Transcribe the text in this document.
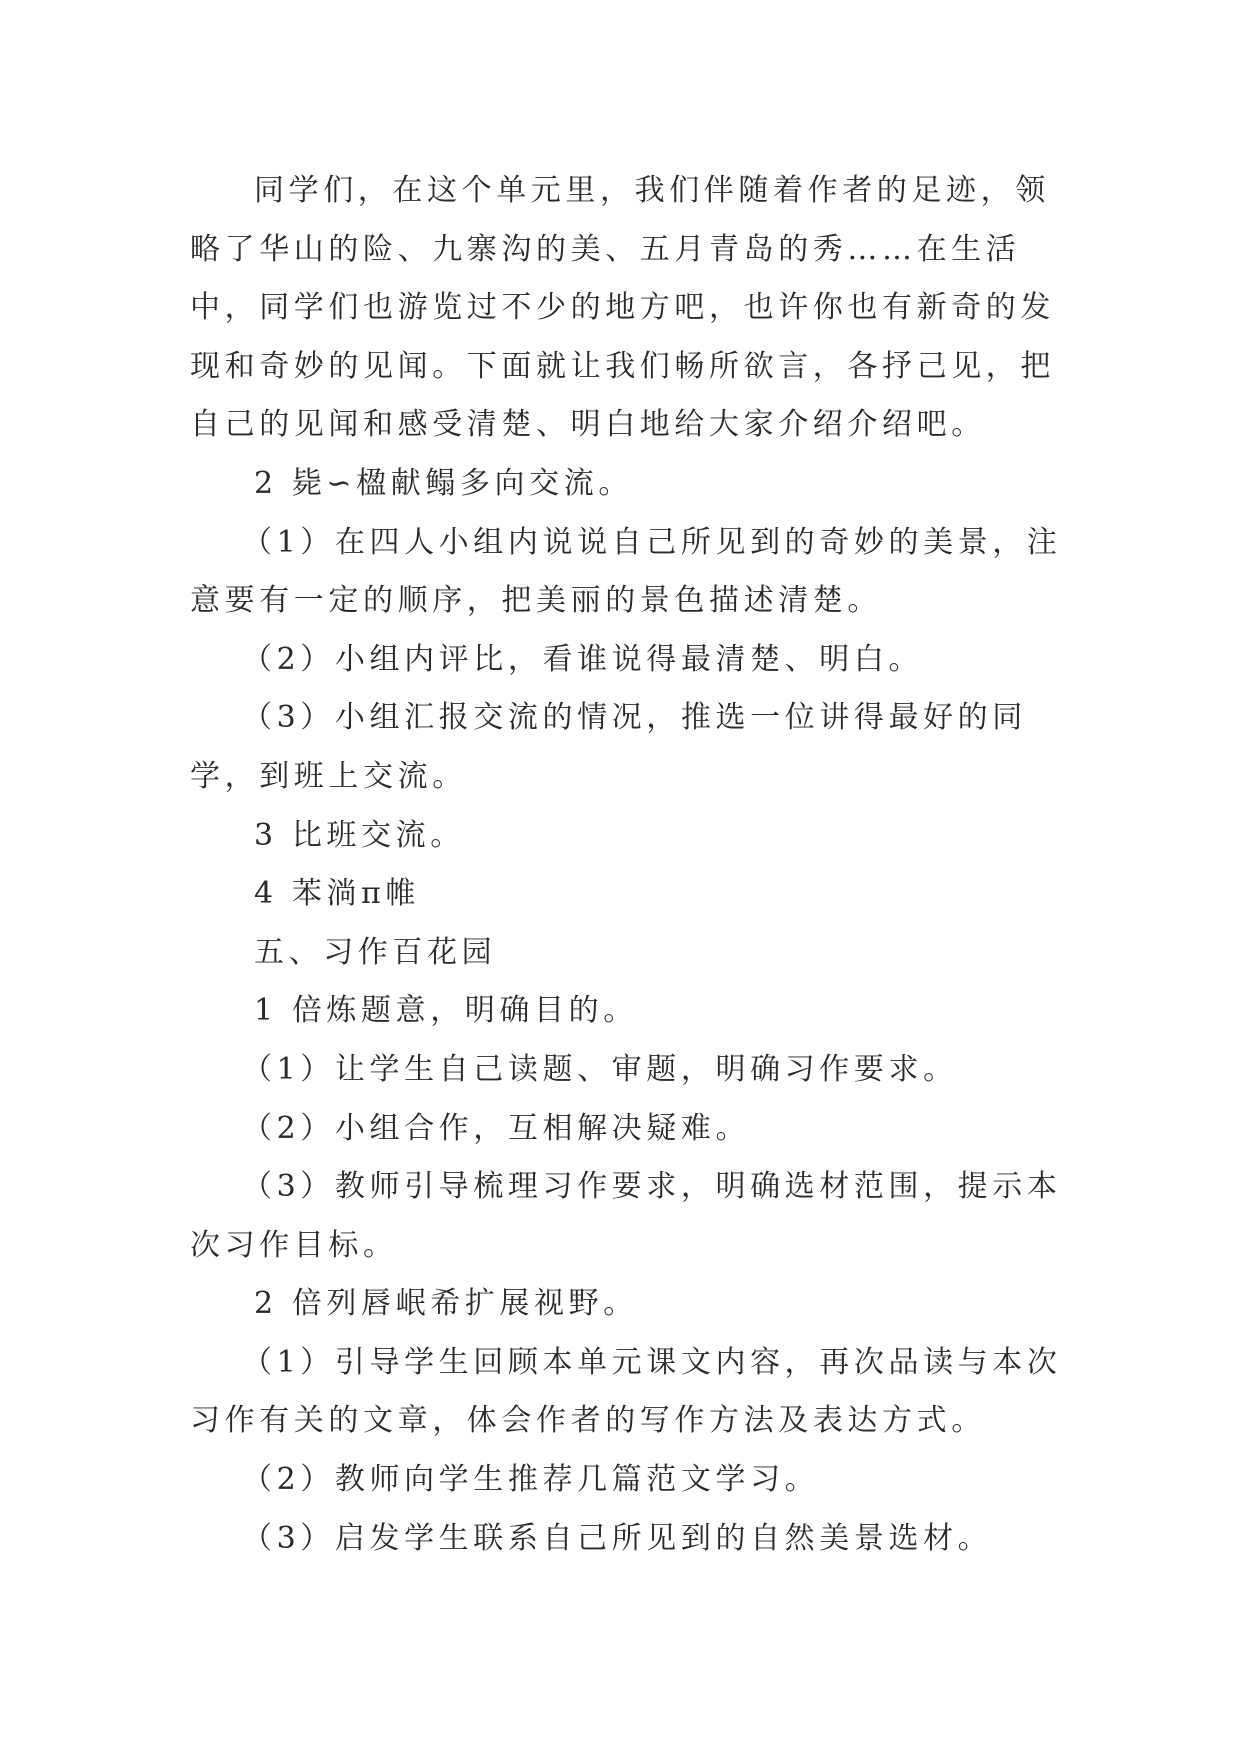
同学们，在这个单元里，我们伴随着作者的足迹，领略了华山的险、九寨沟的美、五月青岛的秀……在生活中，同学们也游览过不少的地方吧，也许你也有新奇的发现和奇妙的见闻。下面就让我们畅所欲言，各抒己见，把自己的见闻和感受清楚、明白地给大家介绍介绍吧。

2 毙∽楹献鳎多向交流。

（1）在四人小组内说说自己所见到的奇妙的美景，注意要有一定的顺序，把美丽的景色描述清楚。

（2）小组内评比，看谁说得最清楚、明白。

（3）小组汇报交流的情况，推选一位讲得最好的同学，到班上交流。

3 比班交流。

4 苯淌π帷

五、习作百花园

1 倍炼题意，明确目的。

（1）让学生自己读题、审题，明确习作要求。

（2）小组合作，互相解决疑难。

（3）教师引导梳理习作要求，明确选材范围，提示本次习作目标。

2 倍列唇岷希扩展视野。

（1）引导学生回顾本单元课文内容，再次品读与本次习作有关的文章，体会作者的写作方法及表达方式。

（2）教师向学生推荐几篇范文学习。

（3）启发学生联系自己所见到的自然美景选材。
